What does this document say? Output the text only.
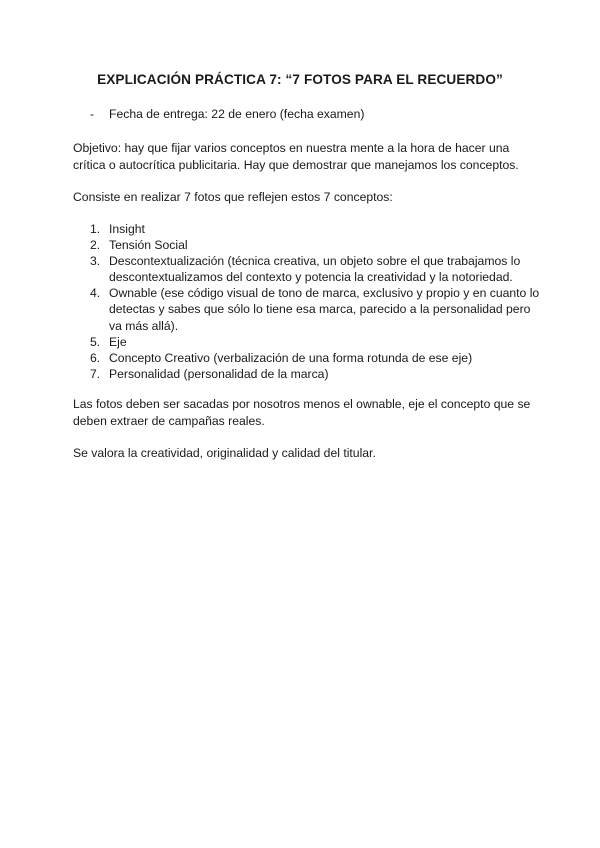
EXPLICACIÓN PRÁCTICA 7: “7 FOTOS PARA EL RECUERDO”
- Fecha de entrega: 22 de enero (fecha examen)
Objetivo: hay que fijar varios conceptos en nuestra mente a la hora de hacer una crítica o autocrítica publicitaria. Hay que demostrar que manejamos los conceptos.
Consiste en realizar 7 fotos que reflejen estos 7 conceptos:
1. Insight
2. Tensión Social
3. Descontextualización (técnica creativa, un objeto sobre el que trabajamos lo descontextualizamos del contexto y potencia la creatividad y la notoriedad.
4. Ownable (ese código visual de tono de marca, exclusivo y propio y en cuanto lo detectas y sabes que sólo lo tiene esa marca, parecido a la personalidad pero va más allá).
5. Eje
6. Concepto Creativo (verbalización de una forma rotunda de ese eje)
7. Personalidad (personalidad de la marca)
Las fotos deben ser sacadas por nosotros menos el ownable, eje el concepto que se deben extraer de campañas reales.
Se valora la creatividad, originalidad y calidad del titular.
